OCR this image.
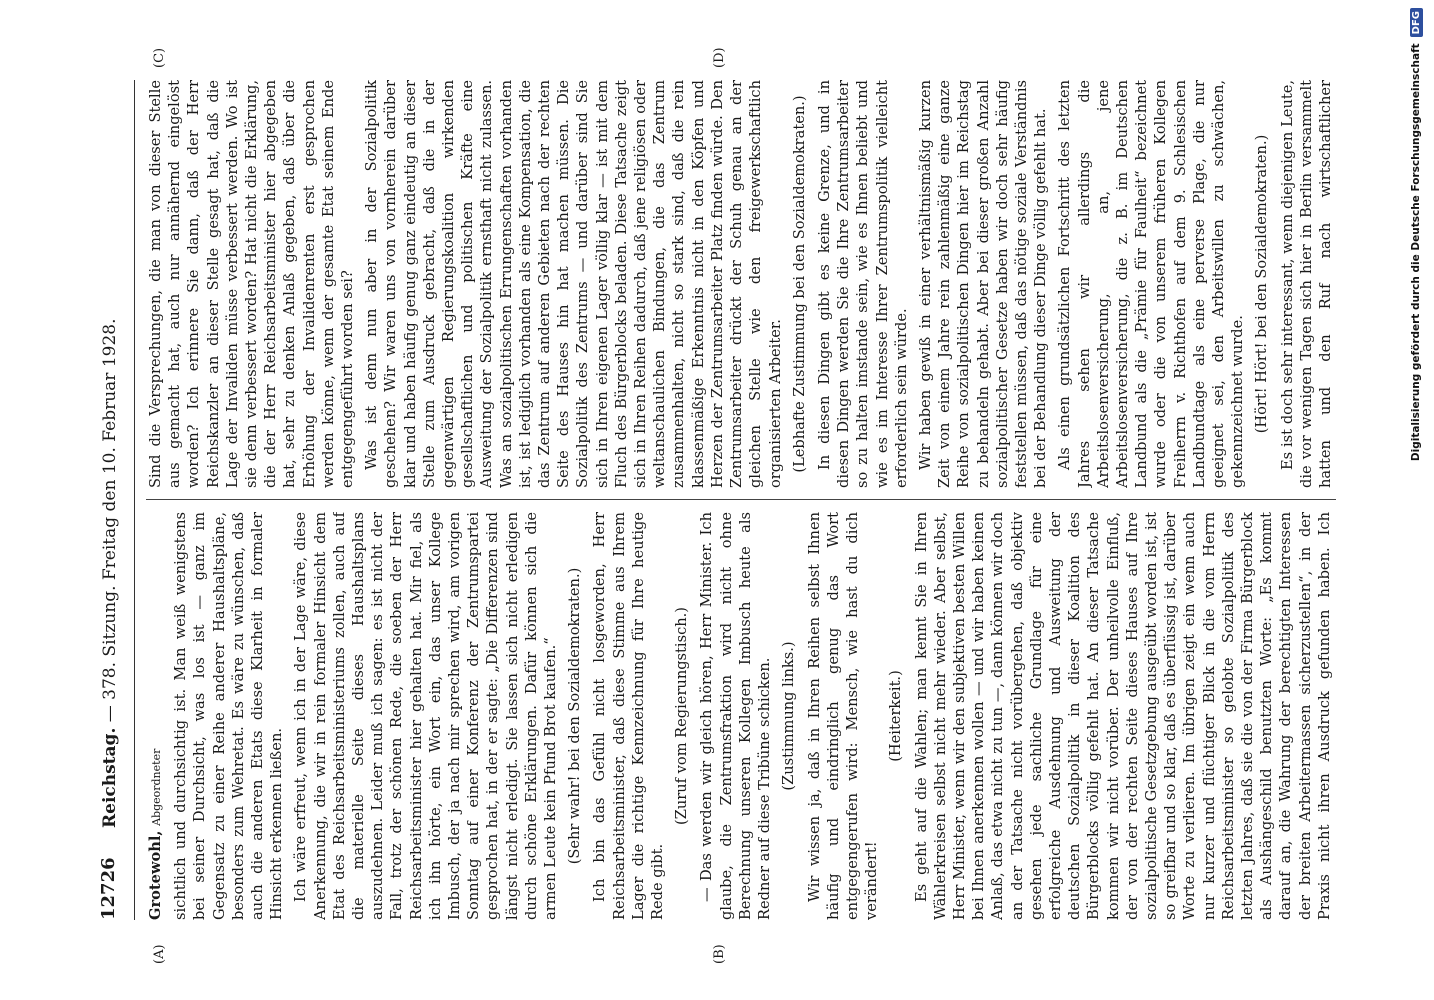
12726
Reichstag. — 378. Sitzung. Freitag den 10. Februar 1928.
(A)	(B)
(C)	(D)

Grotewohl, Abgeordneter sichtlich und durchsichtig ist. Man weiß wenigstens bei seiner Durchsicht, was los ist — ganz im Gegensatz zu einer Reihe anderer Haushaltspläne, besonders zum Wehretat. Es wäre zu wünschen, daß auch die anderen Etats diese Klarheit in formaler Hinsicht erkennen ließen. Ich wäre erfreut, wenn ich in der Lage wäre, diese Anerkennung, die wir in rein formaler Hinsicht dem Etat des Reichsarbeitsministeriums zollen, auch auf die materielle Seite dieses Haushaltsplans auszudehnen. Leider muß ich sagen: es ist nicht der Fall, trotz der schönen Rede, die soeben der Herr Reichsarbeitsminister hier gehalten hat. Mir fiel, als ich ihn hörte, ein Wort ein, das unser Kollege Imbusch, der ja nach mir sprechen wird, am vorigen Sonntag auf einer Konferenz der Zentrumspartei gesprochen hat, in der er sagte: „Die Differenzen sind längst nicht erledigt. Sie lassen sich nicht erledigen durch schöne Erklärungen. Dafür können sich die armen Leute kein Pfund Brot kaufen.“ (Sehr wahr! bei den Sozialdemokraten.) Ich bin das Gefühl nicht losgeworden, Herr Reichsarbeitsminister, daß diese Stimme aus Ihrem Lager die richtige Kennzeichnung für Ihre heutige Rede gibt.

(Zuruf vom Regierungstisch.) — Das werden wir gleich hören, Herr Minister. Ich glaube, die Zentrumsfraktion wird nicht ohne Berechnung unseren Kollegen Imbusch heute als Redner auf diese Tribüne schicken. (Zustimmung links.) Wir wissen ja, daß in Ihren Reihen selbst Ihnen häufig und eindringlich genug das Wort entgegengerufen wird: Mensch, wie hast du dich verändert!

(Heiterkeit.)

Es geht auf die Wahlen; man kennt Sie in Ihren Wählerkreisen selbst nicht mehr wieder. Aber selbst, Herr Minister, wenn wir den subjektiven besten Willen bei Ihnen anerkennen wollen — und wir haben keinen Anlaß, das etwa nicht zu tun —, dann können wir doch an der Tatsache nicht vorübergehen, daß objektiv gesehen jede sachliche Grundlage für eine erfolgreiche Ausdehnung und Ausweitung der deutschen Sozialpolitik in dieser Koalition des Bürgerblocks völlig gefehlt hat. An dieser Tatsache kommen wir nicht vorüber. Der unheilvolle Einfluß, der von der rechten Seite dieses Hauses auf Ihre sozialpolitische Gesetzgebung ausgeübt worden ist, ist so greifbar und so klar, daß es überflüssig ist, darüber Worte zu verlieren. Im übrigen zeigt ein wenn auch nur kurzer und flüchtiger Blick in die vom Herrn Reichsarbeitsminister so gelobte Sozialpolitik des letzten Jahres, daß sie die von der Firma Bürgerblock als Aushängeschild benutzten Worte: „Es kommt darauf an, die Wahrung der berechtigten Interessen der breiten Arbeitermassen sicherzustellen“, in der Praxis nicht ihren Ausdruck gefunden haben. Ich

Sind die Versprechungen, die man von dieser Stelle aus gemacht hat, auch nur annähernd eingelöst worden? Ich erinnere Sie dann, daß der Herr Reichskanzler an dieser Stelle gesagt hat, daß die Lage der Invaliden müsse verbessert werden. Wo ist sie denn verbessert worden? Hat nicht die Erklärung, die der Herr Reichsarbeitsminister hier abgegeben hat, sehr zu denken Anlaß gegeben, daß über die Erhöhung der Invalidenrenten erst gesprochen werden könne, wenn der gesamte Etat seinem Ende entgegengeführt worden sei? Was ist denn nun aber in der Sozialpolitik geschehen? Wir waren uns von vornherein darüber klar und haben häufig genug ganz eindeutig an dieser Stelle zum Ausdruck gebracht, daß die in der gegenwärtigen Regierungskoalition wirkenden gesellschaftlichen und politischen Kräfte eine Ausweitung der Sozialpolitik ernsthaft nicht zulassen. Was an sozialpolitischen Errungenschaften vorhanden ist, ist lediglich vorhanden als eine Kompensation, die das Zentrum auf anderen Gebieten nach der rechten Seite des Hauses hin hat machen müssen. Die Sozialpolitik des Zentrums — und darüber sind Sie sich in Ihren eigenen Lager völlig klar — ist mit dem Fluch des Bürgerblocks beladen. Diese Tatsache zeigt sich in Ihren Reihen dadurch, daß jene religiösen oder weltanschaulichen Bindungen, die das Zentrum zusammenhalten, nicht so stark sind, daß die rein klassenmäßige Erkenntnis nicht in den Köpfen und Herzen der Zentrumsarbeiter Platz finden würde. Den Zentrumsarbeiter drückt der Schuh genau an der gleichen Stelle wie den freigewerkschaftlich organisierten Arbeiter. (Lebhafte Zustimmung bei den Sozialdemokraten.) In diesen Dingen gibt es keine Grenze, und in diesen Dingen werden Sie die Ihre Zentrumsarbeiter so zu halten imstande sein, wie es Ihnen beliebt und wie es im Interesse Ihrer Zentrumspolitik vielleicht erforderlich sein würde. Wir haben gewiß in einer verhältnismäßig kurzen Zeit von einem Jahre rein zahlenmäßig eine ganze Reihe von sozialpolitischen Dingen hier im Reichstag zu behandeln gehabt. Aber bei dieser großen Anzahl sozialpolitischer Gesetze haben wir doch sehr häufig feststellen müssen, daß das nötige soziale Verständnis bei der Behandlung dieser Dinge völlig gefehlt hat. Als einen grundsätzlichen Fortschritt des letzten Jahres sehen wir allerdings die Arbeitslosenversicherung, an, jene Arbeitslosenversicherung, die z. B. im Deutschen Landbund als die „Prämie für Faulheit“ bezeichnet wurde oder die von unserem früheren Kollegen Freiherrn v. Richthofen auf dem 9. Schlesischen Landbundtage als eine perverse Plage, die nur geeignet sei, den Arbeitswillen zu schwächen, gekennzeichnet wurde. (Hört! Hört! bei den Sozialdemokraten.)

Es ist doch sehr interessant, wenn diejenigen Leute, die vor wenigen Tagen sich hier in Berlin versammelt hatten und den Ruf nach wirtschaftlicher	Digitalisierung gefördert durch die Deutsche Forschungsgemeinschaft
DFG
